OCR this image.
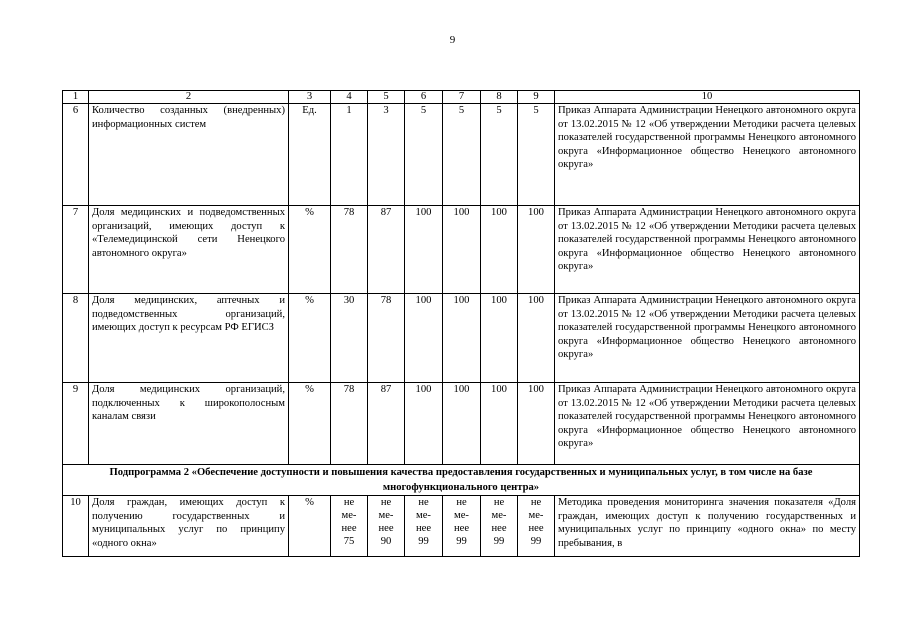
9
1	2	3	4	5	6	7	8	9	10
6	Количество созданных (внедренных) информационных систем	Ед.	1	3	5	5	5	5	Приказ Аппарата Администрации Ненецкого автономного округа от 13.02.2015 № 12 «Об утверждении Методики расчета целевых показателей государственной программы Ненецкого автономного округа «Информационное общество Ненецкого автономного округа»
7	Доля медицинских и подведомственных организаций, имеющих доступ к «Телемедицинской сети Ненецкого автономного округа»	%	78	87	100	100	100	100	Приказ Аппарата Администрации Ненецкого автономного округа от 13.02.2015 № 12 «Об утверждении Методики расчета целевых показателей государственной программы Ненецкого автономного округа «Информационное общество Ненецкого автономного округа»
8	Доля медицинских, аптечных и подведомственных организаций, имеющих доступ к ресурсам РФ ЕГИСЗ	%	30	78	100	100	100	100	Приказ Аппарата Администрации Ненецкого автономного округа от 13.02.2015 № 12 «Об утверждении Методики расчета целевых показателей государственной программы Ненецкого автономного округа «Информационное общество Ненецкого автономного округа»
9	Доля медицинских организаций, подключенных к широкополосным каналам связи	%	78	87	100	100	100	100	Приказ Аппарата Администрации Ненецкого автономного округа от 13.02.2015 № 12 «Об утверждении Методики расчета целевых показателей государственной программы Ненецкого автономного округа «Информационное общество Ненецкого автономного округа»
Подпрограмма 2 «Обеспечение доступности и повышения качества предоставления государственных и муниципальных услуг, в том числе на базе многофункционального центра»									
10	Доля граждан, имеющих доступ к получению государственных и муниципальных услуг по принципу «одного окна»	%	не
ме-
нее
75	не
ме-
нее
90	не
ме-
нее
99	не
ме-
нее
99	не
ме-
нее
99	не
ме-
нее
99	Методика проведения мониторинга значения показателя «Доля граждан, имеющих доступ к получению государственных и муниципальных услуг по принципу «одного окна» по месту пребывания, в
